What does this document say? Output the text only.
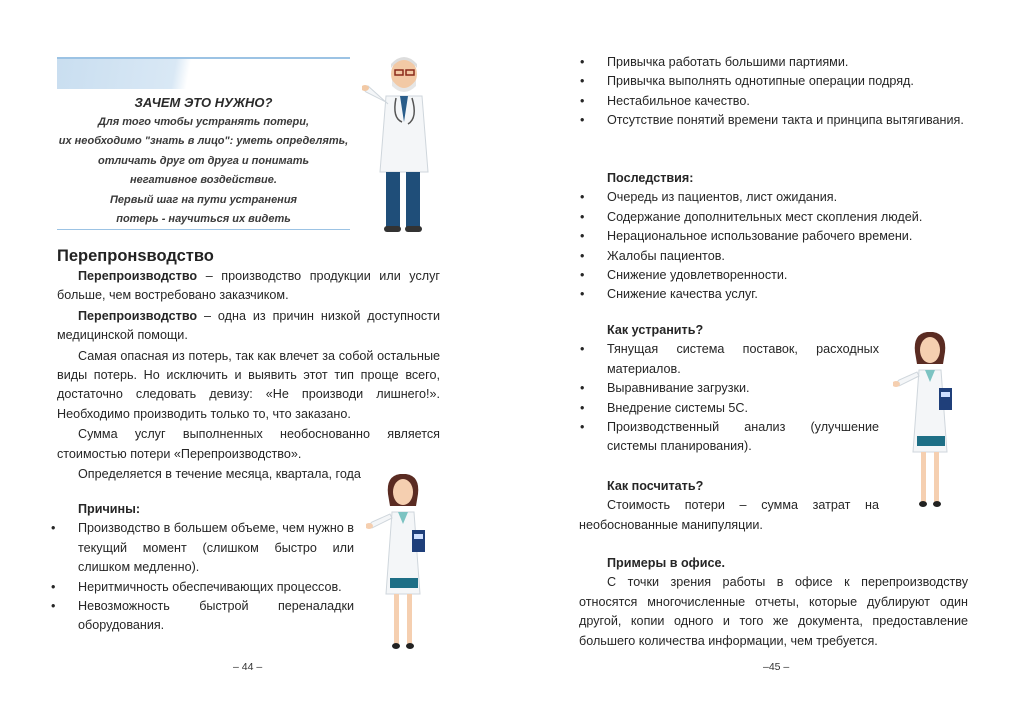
ЗАЧЕМ ЭТО НУЖНО?
Для того чтобы устранять потери,
их необходимо "знать в лицо": уметь определять,
отличать друг от друга и понимать
негативное воздействие.
Первый шаг на пути устранения
потерь - научиться их видеть
Перепронsводство

Перепроизводство – производство продукции или услуг больше, чем востребовано заказчиком.

Перепроизводство – одна из причин низкой доступности медицинской помощи.

Самая опасная из потерь, так как влечет за собой остальные виды потерь. Но исключить и выявить этот тип проще всего, достаточно следовать девизу: «Не производи лишнего!». Необходимо производить только то, что заказано.

Сумма услуг выполненных необоснованно является стоимостью потери «Перепроизводство».

Определяется в течение месяца, квартала, года

Причины:
• Производство в большем объеме, чем нужно в текущий момент (слишком быстро или слишком медленно).
• Неритмичность обеспечивающих процессов.
• Невозможность быстрой переналадки оборудования.
– 44 –
• Привычка работать большими партиями.
• Привычка выполнять однотипные операции подряд.
• Нестабильное качество.
• Отсутствие понятий времени такта и принципа вытягивания.
Последствия:
• Очередь из пациентов, лист ожидания.
• Содержание дополнительных мест скопления людей.
• Нерациональное использование рабочего времени.
• Жалобы пациентов.
• Снижение удовлетворенности.
• Снижение качества услуг.
Как устранить?
• Тянущая система поставок, расходных материалов.
• Выравнивание загрузки.
• Внедрение системы 5С.
• Производственный анализ (улучшение системы планирования).
Как посчитать?

Стоимость потери – сумма затрат на необоснованные манипуляции.

Примеры в офисе.

С точки зрения работы в офисе к перепроизводству относятся многочисленные отчеты, которые дублируют один другой, копии одного и того же документа, предоставление большего количества информации, чем требуется.

–45 –
